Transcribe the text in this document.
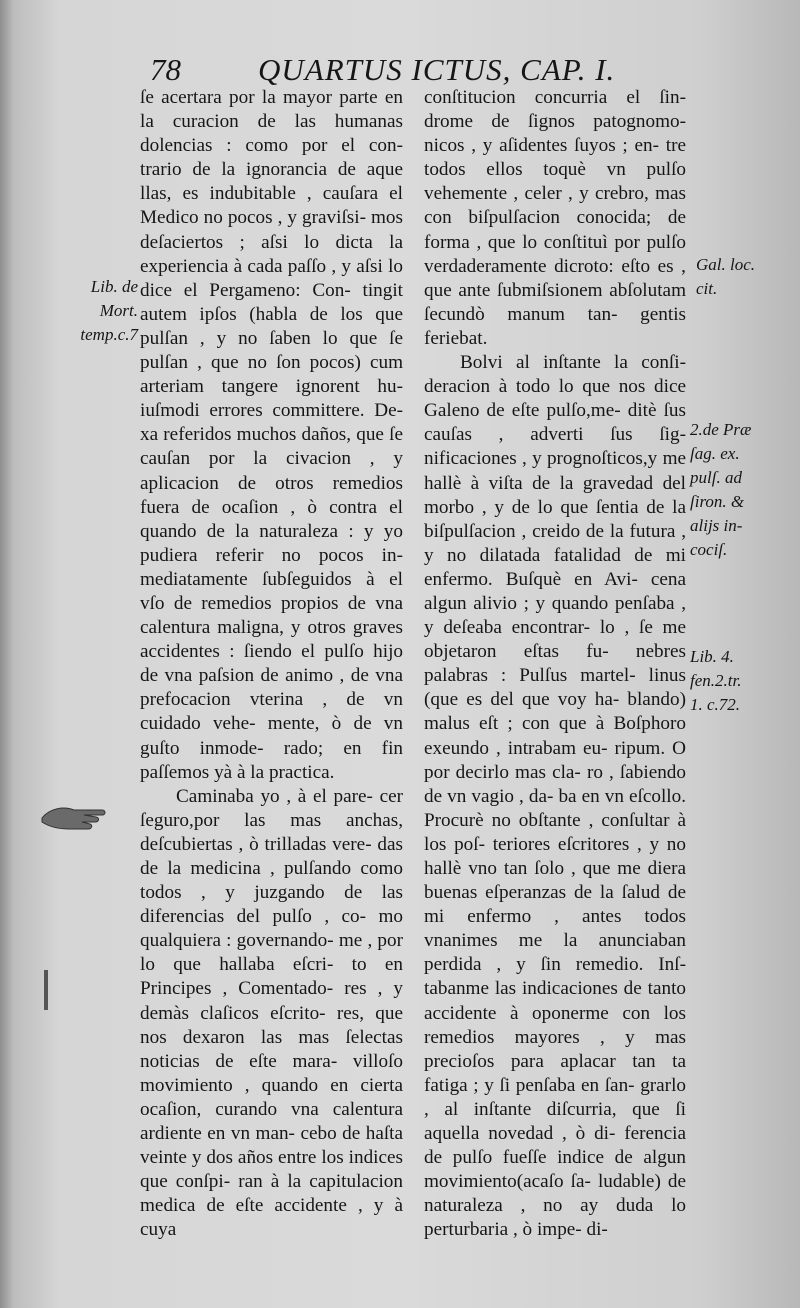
78 QUARTUS ICTUS, CAP. I.

ſe acertara por la mayor parte en la curacion de las humanas dolencias : como por el con- trario de la ignorancia de aque llas, es indubitable , cauſara el Medico no pocos , y graviſsi- mos deſaciertos ; aſsi lo dicta la experiencia à cada paſſo , y aſsi lo dice el Pergameno: Con- tingit autem ipſos (habla de los que pulſan , y no ſaben lo que ſe pulſan , que no ſon pocos) cum arteriam tangere ignorent hu- iuſmodi errores committere. De- xa referidos muchos daños, que ſe cauſan por la civacion , y aplicacion de otros remedios fuera de ocaſion , ò contra el quando de la naturaleza : y yo pudiera referir no pocos in- mediatamente ſubſeguidos à el vſo de remedios propios de vna calentura maligna, y otros graves accidentes : ſiendo el pulſo hijo de vna paſsion de animo , de vna prefocacion vterina , de vn cuidado vehe- mente, ò de vn guſto inmode- rado; en fin paſſemos yà à la practica.

Caminaba yo , à el pare- cer ſeguro,por las mas anchas, deſcubiertas , ò trilladas vere- das de la medicina , pulſando como todos , y juzgando de las diferencias del pulſo , co- mo qualquiera : governando- me , por lo que hallaba eſcri- to en Principes , Comentado- res , y demàs claſicos eſcrito- res, que nos dexaron las mas ſelectas noticias de eſte mara- villoſo movimiento , quando en cierta ocaſion, curando vna calentura ardiente en vn man- cebo de haſta veinte y dos años entre los indices que conſpi- ran à la capitulacion medica de eſte accidente , y à cuya

conſtitucion concurria el ſin- drome de ſignos patognomo- nicos , y aſidentes ſuyos ; en- tre todos ellos toquè vn pulſo vehemente , celer , y crebro, mas con biſpulſacion conocida; de forma , que lo conſtituì por pulſo verdaderamente dicroto: eſto es , que ante ſubmiſsionem abſolutam ſecundò manum tan- gentis feriebat.

Bolvi al inſtante la conſi- deracion à todo lo que nos dice Galeno de eſte pulſo,me- ditè ſus cauſas , adverti ſus ſig- nificaciones , y prognoſticos,y me hallè à viſta de la gravedad del morbo , y de lo que ſentia de la biſpulſacion , creido de la futura , y no dilatada fatalidad de mi enfermo. Buſquè en Avi- cena algun alivio ; y quando penſaba , y deſeaba encontrar- lo , ſe me objetaron eſtas fu- nebres palabras : Pulſus martel- linus (que es del que voy ha- blando) malus eſt ; con que à Boſphoro exeundo , intrabam eu- ripum. O por decirlo mas cla- ro , ſabiendo de vn vagio , da- ba en vn eſcollo. Procurè no obſtante , conſultar à los poſ- teriores eſcritores , y no hallè vno tan ſolo , que me diera buenas eſperanzas de la ſalud de mi enfermo , antes todos vnanimes me la anunciaban perdida , y ſin remedio. Inſ- tabanme las indicaciones de tanto accidente à oponerme con los remedios mayores , y mas precioſos para aplacar tan ta fatiga ; y ſi penſaba en ſan- grarlo , al inſtante diſcurria, que ſi aquella novedad , ò di- ferencia de pulſo fueſſe indice de algun movimiento(acaſo ſa- ludable) de naturaleza , no ay duda lo perturbaria , ò impe- di-

Lib. de
Mort.
temp.c.7
Gal. loc.
cit.
2.de Præ
ſag. ex.
pulſ. ad
ſiron. &
alijs in-
cociſ.
Lib. 4.
fen.2.tr.
1. c.72.
